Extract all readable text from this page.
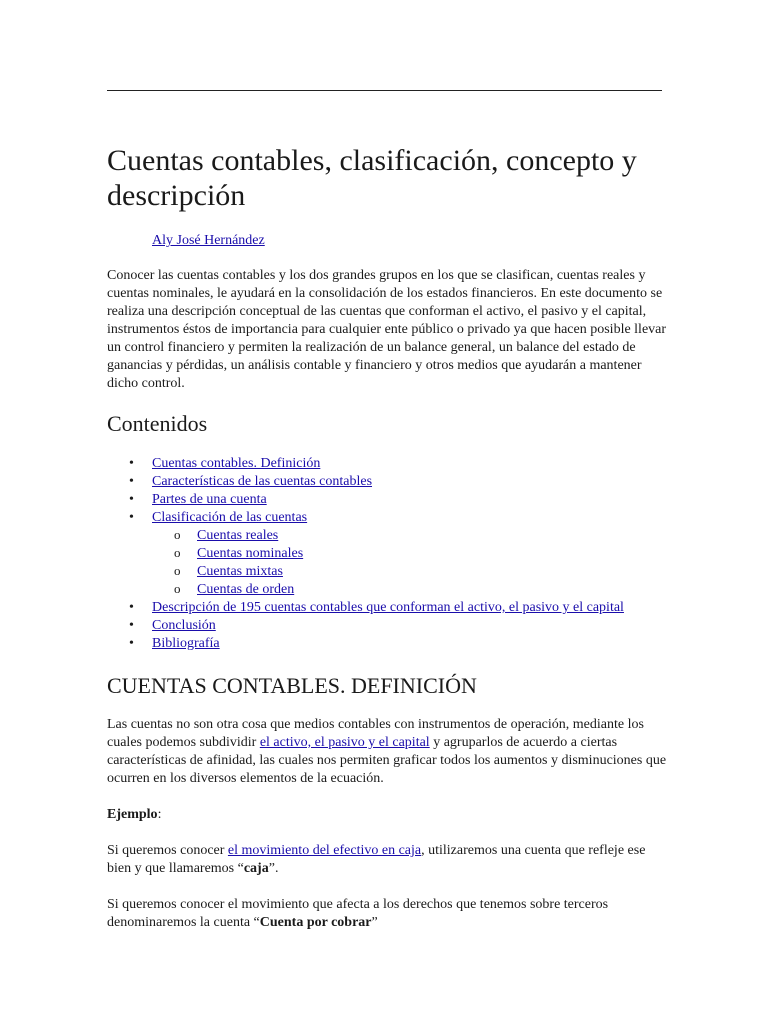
Cuentas contables, clasificación, concepto y descripción
Aly José Hernández

Conocer las cuentas contables y los dos grandes grupos en los que se clasifican, cuentas reales y cuentas nominales, le ayudará en la consolidación de los estados financieros. En este documento se realiza una descripción conceptual de las cuentas que conforman el activo, el pasivo y el capital, instrumentos éstos de importancia para cualquier ente público o privado ya que hacen posible llevar un control financiero y permiten la realización de un balance general, un balance del estado de ganancias y pérdidas, un análisis contable y financiero y otros medios que ayudarán a mantener dicho control.

Contenidos
• Cuentas contables. Definición
• Características de las cuentas contables
• Partes de una cuenta
• Clasificación de las cuentas
o Cuentas reales
o Cuentas nominales
o Cuentas mixtas
o Cuentas de orden
• Descripción de 195 cuentas contables que conforman el activo, el pasivo y el capital
• Conclusión
• Bibliografía
CUENTAS CONTABLES. DEFINICIÓN

Las cuentas no son otra cosa que medios contables con instrumentos de operación, mediante los cuales podemos subdividir el activo, el pasivo y el capital y agruparlos de acuerdo a ciertas características de afinidad, las cuales nos permiten graficar todos los aumentos y disminuciones que ocurren en los diversos elementos de la ecuación.

Ejemplo:

Si queremos conocer el movimiento del efectivo en caja, utilizaremos una cuenta que refleje ese bien y que llamaremos “caja”.

Si queremos conocer el movimiento que afecta a los derechos que tenemos sobre terceros denominaremos la cuenta “Cuenta por cobrar”
